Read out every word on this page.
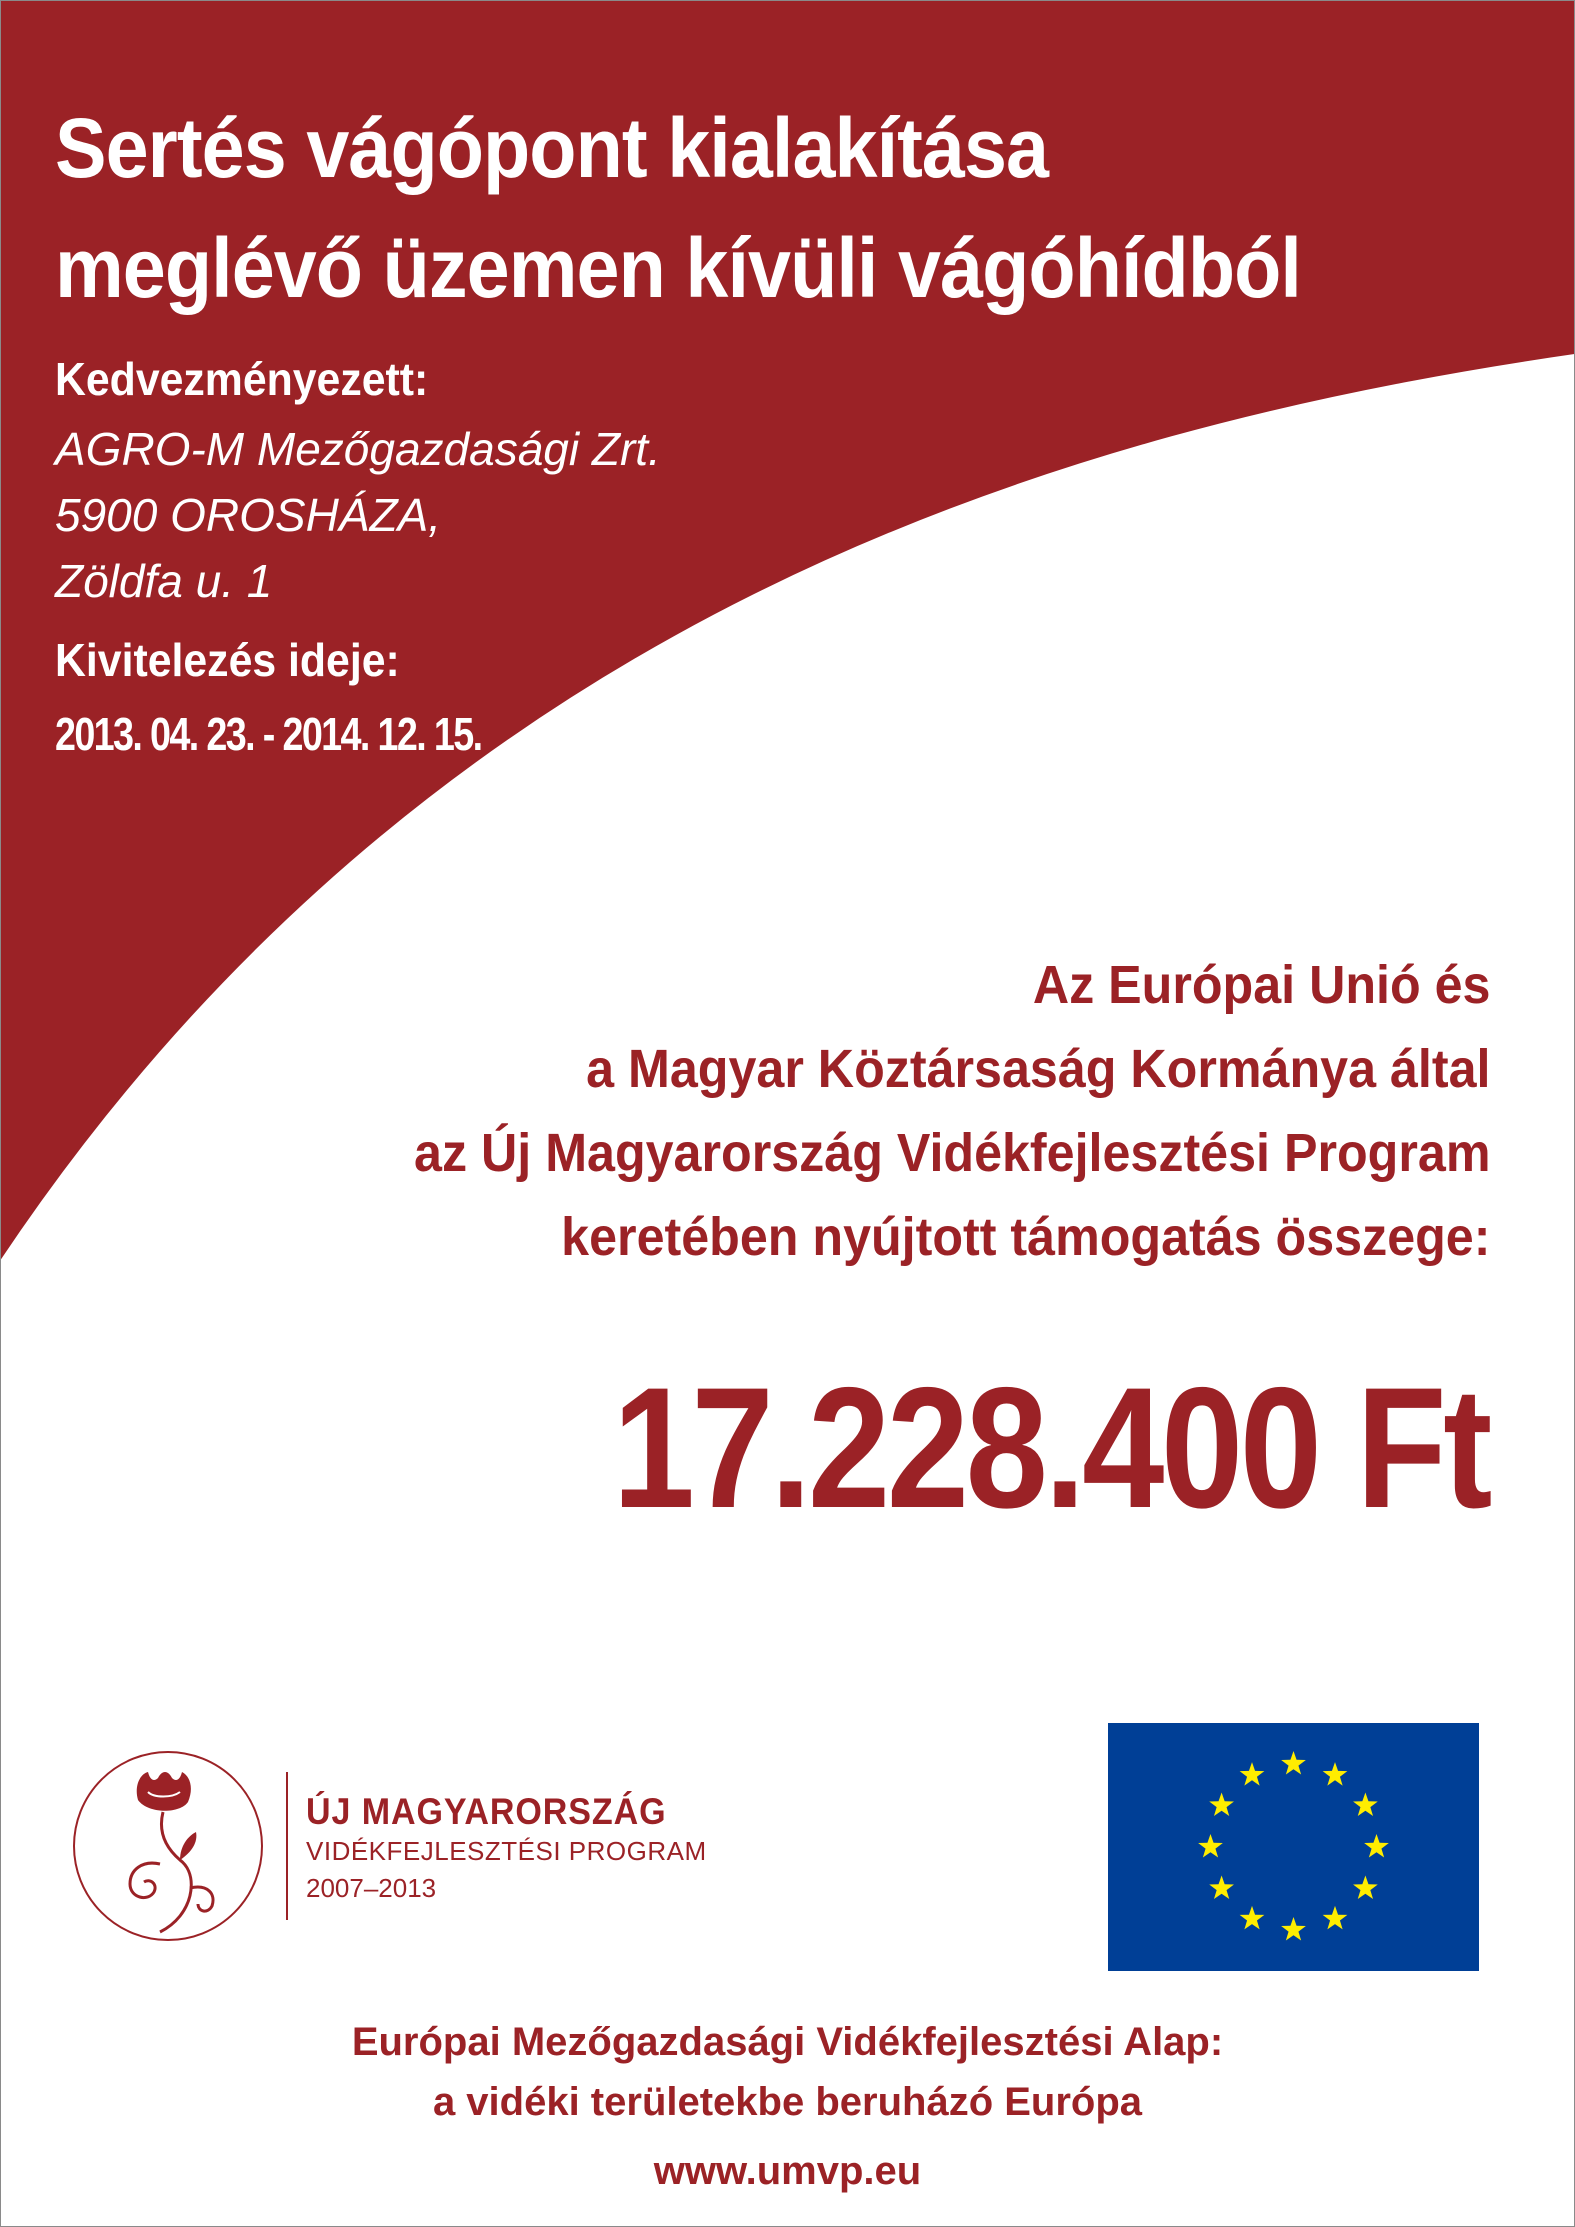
Sertés vágópont kialakítása
meglévő üzemen kívüli vágóhídból
Kedvezményezett:
AGRO-M Mezőgazdasági Zrt.
5900 OROSHÁZA,
Zöldfa u. 1
Kivitelezés ideje:
2013. 04. 23. - 2014. 12. 15.
Az Európai Unió és
a Magyar Köztársaság Kormánya által
az Új Magyarország Vidékfejlesztési Program
keretében nyújtott támogatás összege:
17.228.400 Ft
ÚJ MAGYARORSZÁG
VIDÉKFEJLESZTÉSI PROGRAM
2007–2013
Európai Mezőgazdasági Vidékfejlesztési Alap:
a vidéki területekbe beruházó Európa
www.umvp.eu
